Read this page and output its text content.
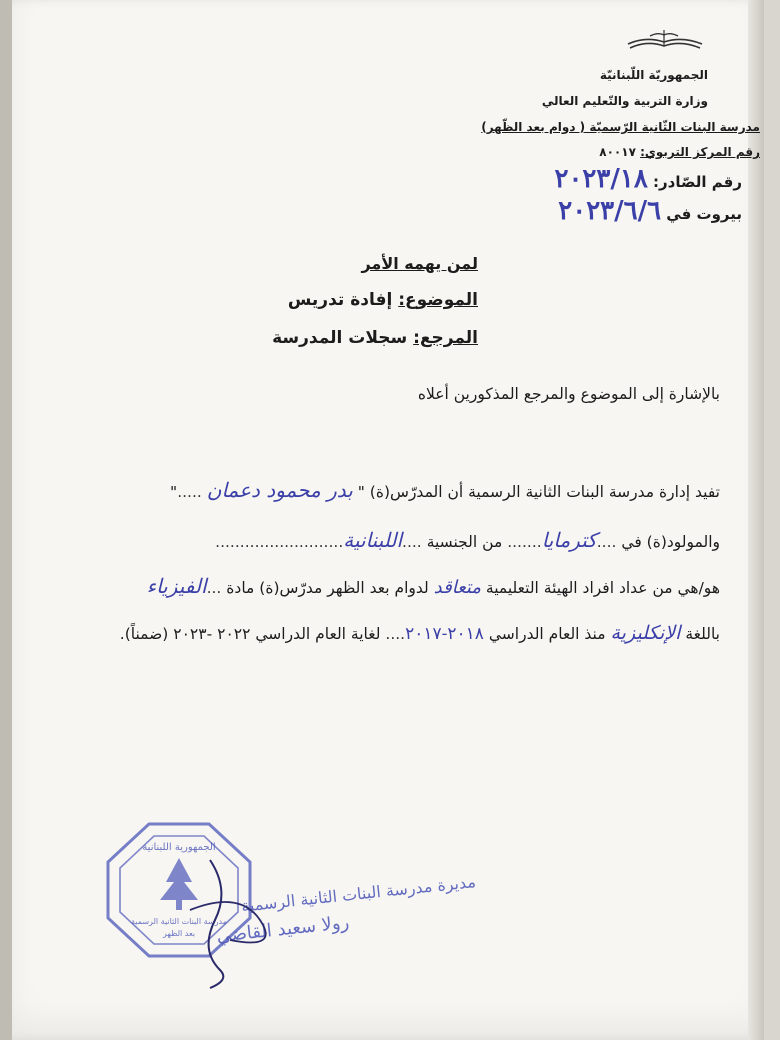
الجمهوريّة اللّبنانيّة
وزارة التربية والتّعليم العالي
مدرسة البنات الثّانية الرّسميّة ( دوام بعد الظّهر)
رقم المركز التربوي: ٨٠٠١٧
رقم الصّادر: ٢٠٢٣/١٨
بيروت في ٢٠٢٣/٦/٦
لمن يهمه الأمر
الموضوع: إفادة تدريس
المرجع: سجلات المدرسة
بالإشارة إلى الموضوع والمرجع المذكورين أعلاه
تفيد إدارة مدرسة البنات الثانية الرسمية أن المدرّس(ة) " بدر محمود دعمان ....."
والمولود(ة) في ....كترمايا....... من الجنسية ....اللبنانية..........................
هو/هي من عداد افراد الهيئة التعليمية متعاقد لدوام بعد الظهر مدرّس(ة) مادة ...الفيزياء
باللغة الإنكليزية منذ العام الدراسي ٢٠١٨-٢٠١٧.... لغاية العام الدراسي ٢٠٢٢ -٢٠٢٣ (ضمناً).
الجمهورية اللبنانية
مدرسة البنات الثانية الرسمية
بعد الظهر
مديرة مدرسة البنات الثانية الرسمية
رولا سعيد القاضي
